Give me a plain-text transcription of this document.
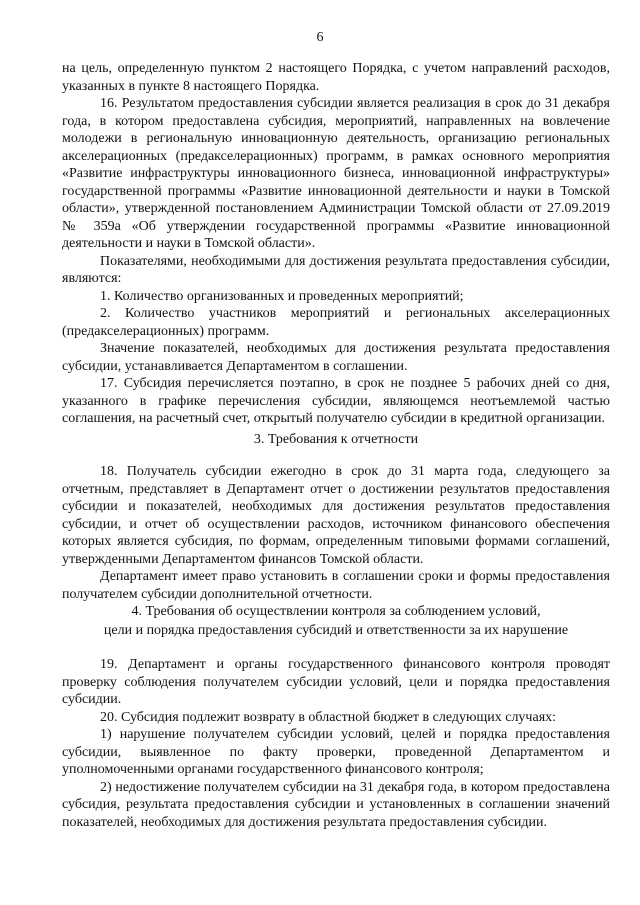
6

на цель, определенную пунктом 2 настоящего Порядка, с учетом направлений расходов, указанных в пункте 8 настоящего Порядка.

16. Результатом предоставления субсидии является реализация в срок до 31 декабря года, в котором предоставлена субсидия, мероприятий, направленных на вовлечение молодежи в региональную инновационную деятельность, организацию региональных акселерационных (предакселерационных) программ, в рамках основного мероприятия «Развитие инфраструктуры инновационного бизнеса, инновационной инфраструктуры» государственной программы «Развитие инновационной деятельности и науки в Томской области», утвержденной постановлением Администрации Томской области от 27.09.2019 № 359а «Об утверждении государственной программы «Развитие инновационной деятельности и науки в Томской области».

Показателями, необходимыми для достижения результата предоставления субсидии, являются:

1. Количество организованных и проведенных мероприятий;

2. Количество участников мероприятий и региональных акселерационных (предакселерационных) программ.

Значение показателей, необходимых для достижения результата предоставления субсидии, устанавливается Департаментом в соглашении.

17. Субсидия перечисляется поэтапно, в срок не позднее 5 рабочих дней со дня, указанного в графике перечисления субсидии, являющемся неотъемлемой частью соглашения, на расчетный счет, открытый получателю субсидии в кредитной организации.

3. Требования к отчетности

18. Получатель субсидии ежегодно в срок до 31 марта года, следующего за отчетным, представляет в Департамент отчет о достижении результатов предоставления субсидии и показателей, необходимых для достижения результатов предоставления субсидии, и отчет об осуществлении расходов, источником финансового обеспечения которых является субсидия, по формам, определенным типовыми формами соглашений, утвержденными Департаментом финансов Томской области.

Департамент имеет право установить в соглашении сроки и формы предоставления получателем субсидии дополнительной отчетности.

4. Требования об осуществлении контроля за соблюдением условий,
цели и порядка предоставления субсидий и ответственности за их нарушение

19. Департамент и органы государственного финансового контроля проводят проверку соблюдения получателем субсидии условий, цели и порядка предоставления субсидии.

20. Субсидия подлежит возврату в областной бюджет в следующих случаях:

1) нарушение получателем субсидии условий, целей и порядка предоставления субсидии, выявленное по факту проверки, проведенной Департаментом и уполномоченными органами государственного финансового контроля;

2) недостижение получателем субсидии на 31 декабря года, в котором предоставлена субсидия, результата предоставления субсидии и установленных в соглашении значений показателей, необходимых для достижения результата предоставления субсидии.
